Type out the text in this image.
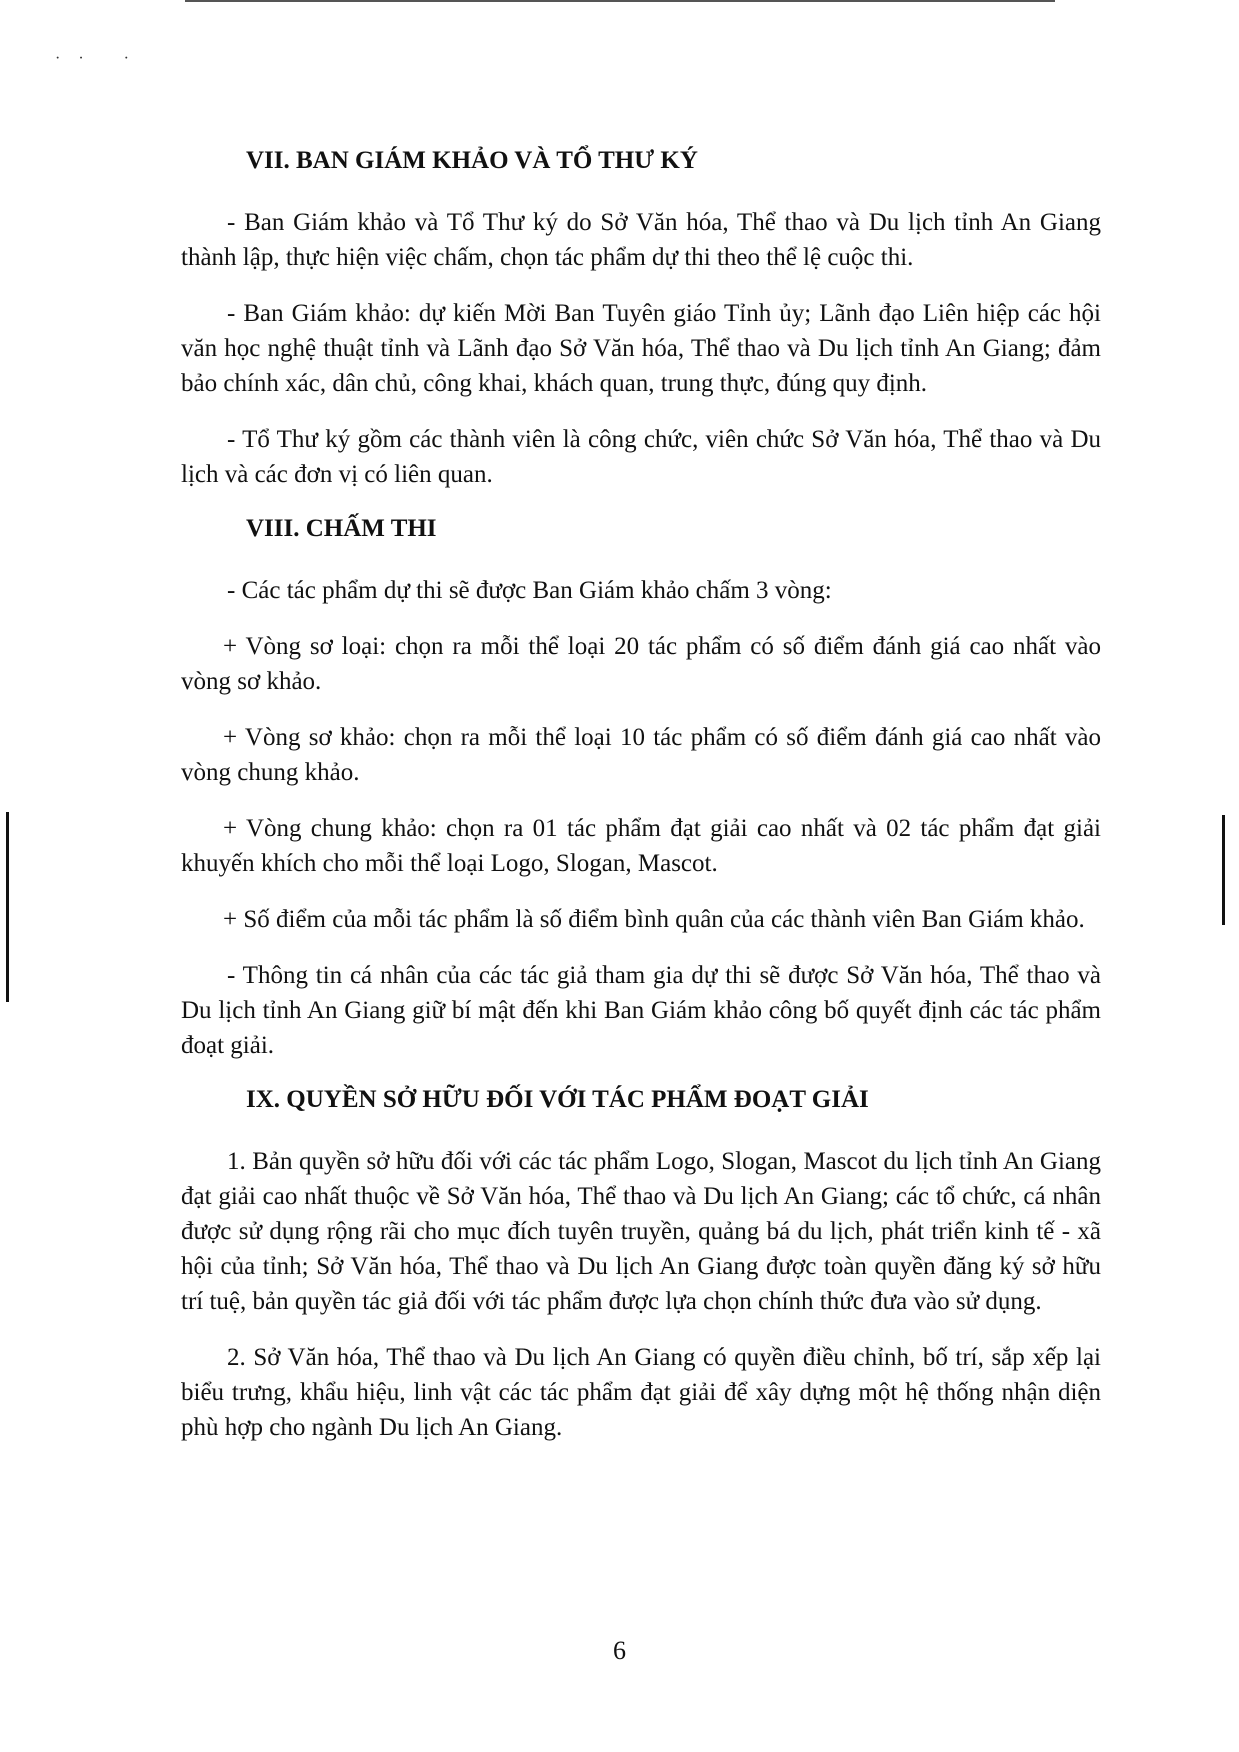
·· ·
VII. BAN GIÁM KHẢO VÀ TỔ THƯ KÝ

- Ban Giám khảo và Tổ Thư ký do Sở Văn hóa, Thể thao và Du lịch tỉnh An Giang thành lập, thực hiện việc chấm, chọn tác phẩm dự thi theo thể lệ cuộc thi.

- Ban Giám khảo: dự kiến Mời Ban Tuyên giáo Tỉnh ủy; Lãnh đạo Liên hiệp các hội văn học nghệ thuật tỉnh và Lãnh đạo Sở Văn hóa, Thể thao và Du lịch tỉnh An Giang; đảm bảo chính xác, dân chủ, công khai, khách quan, trung thực, đúng quy định.

- Tổ Thư ký gồm các thành viên là công chức, viên chức Sở Văn hóa, Thể thao và Du lịch và các đơn vị có liên quan.

VIII. CHẤM THI

- Các tác phẩm dự thi sẽ được Ban Giám khảo chấm 3 vòng:

+ Vòng sơ loại: chọn ra mỗi thể loại 20 tác phẩm có số điểm đánh giá cao nhất vào vòng sơ khảo.

+ Vòng sơ khảo: chọn ra mỗi thể loại 10 tác phẩm có số điểm đánh giá cao nhất vào vòng chung khảo.

+ Vòng chung khảo: chọn ra 01 tác phẩm đạt giải cao nhất và 02 tác phẩm đạt giải khuyến khích cho mỗi thể loại Logo, Slogan, Mascot.

+ Số điểm của mỗi tác phẩm là số điểm bình quân của các thành viên Ban Giám khảo.

- Thông tin cá nhân của các tác giả tham gia dự thi sẽ được Sở Văn hóa, Thể thao và Du lịch tỉnh An Giang giữ bí mật đến khi Ban Giám khảo công bố quyết định các tác phẩm đoạt giải.

IX. QUYỀN SỞ HỮU ĐỐI VỚI TÁC PHẨM ĐOẠT GIẢI

1. Bản quyền sở hữu đối với các tác phẩm Logo, Slogan, Mascot du lịch tỉnh An Giang đạt giải cao nhất thuộc về Sở Văn hóa, Thể thao và Du lịch An Giang; các tổ chức, cá nhân được sử dụng rộng rãi cho mục đích tuyên truyền, quảng bá du lịch, phát triển kinh tế - xã hội của tỉnh; Sở Văn hóa, Thể thao và Du lịch An Giang được toàn quyền đăng ký sở hữu trí tuệ, bản quyền tác giả đối với tác phẩm được lựa chọn chính thức đưa vào sử dụng.

2. Sở Văn hóa, Thể thao và Du lịch An Giang có quyền điều chỉnh, bố trí, sắp xếp lại biểu trưng, khẩu hiệu, linh vật các tác phẩm đạt giải để xây dựng một hệ thống nhận diện phù hợp cho ngành Du lịch An Giang.

6
